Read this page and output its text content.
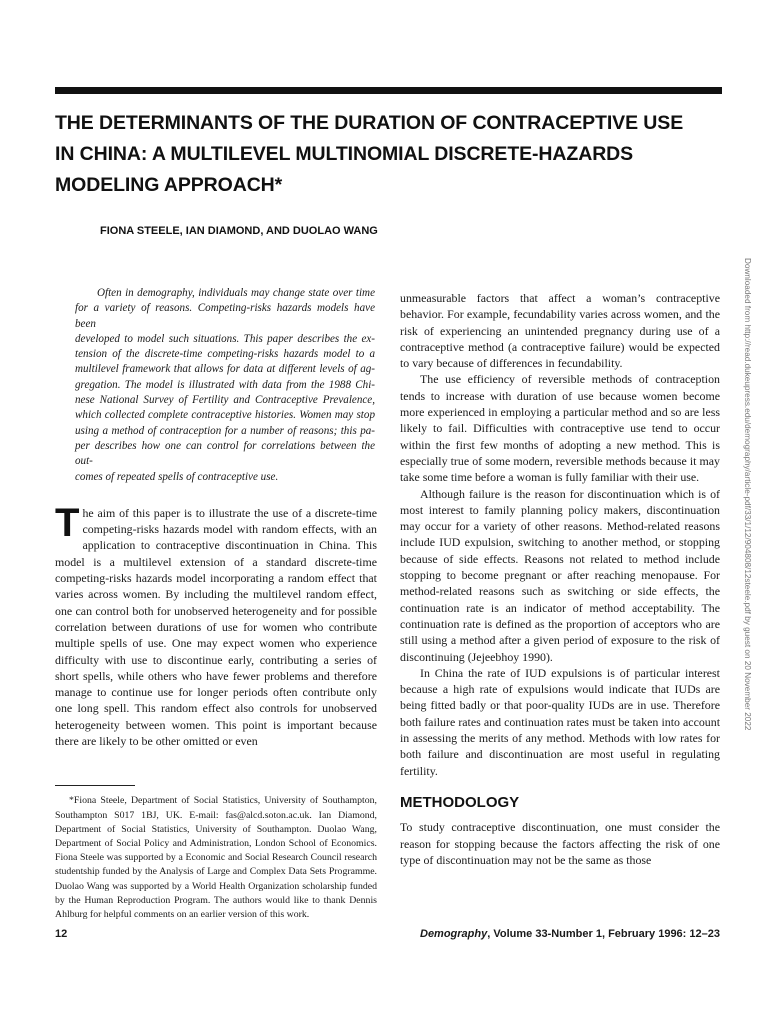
THE DETERMINANTS OF THE DURATION OF CONTRACEPTIVE USE
IN CHINA: A MULTILEVEL MULTINOMIAL DISCRETE-HAZARDS
MODELING APPROACH*
FIONA STEELE, IAN DIAMOND, AND DUOLAO WANG

Often in demography, individuals may change state over time
for a variety of reasons. Competing-risks hazards models have been
developed to model such situations. This paper describes the ex-
tension of the discrete-time competing-risks hazards model to a
multilevel framework that allows for data at different levels of ag-
gregation. The model is illustrated with data from the 1988 Chi-
nese National Survey of Fertility and Contraceptive Prevalence,
which collected complete contraceptive histories. Women may stop
using a method of contraception for a number of reasons; this pa-
per describes how one can control for correlations between the out-
comes of repeated spells of contraceptive use.

The aim of this paper is to illustrate the use of a discrete-time competing-risks hazards model with random effects, with an application to contraceptive discontinuation in China. This model is a multilevel extension of a standard discrete-time competing-risks hazards model incorporating a random effect that varies across women. By including the multilevel random effect, one can control both for unobserved heterogeneity and for possible correlation between durations of use for women who contribute multiple spells of use. One may expect women who experience difficulty with use to discontinue early, contributing a series of short spells, while others who have fewer problems and therefore manage to continue use for longer periods often contribute only one long spell. This random effect also controls for unobserved heterogeneity between women. This point is important because there are likely to be other omitted or even

*Fiona Steele, Department of Social Statistics, University of Southampton, Southampton S017 1BJ, UK. E-mail: fas@alcd.soton.ac.uk. Ian Diamond, Department of Social Statistics, University of Southampton. Duolao Wang, Department of Social Policy and Administration, London School of Economics. Fiona Steele was supported by a Economic and Social Research Council research studentship funded by the Analysis of Large and Complex Data Sets Programme. Duolao Wang was supported by a World Health Organization scholarship funded by the Human Reproduction Program. The authors would like to thank Dennis Ahlburg for helpful comments on an earlier version of this work.

unmeasurable factors that affect a woman’s contraceptive behavior. For example, fecundability varies across women, and the risk of experiencing an unintended pregnancy during use of a contraceptive method (a contraceptive failure) would be expected to vary because of differences in fecundability.

The use efficiency of reversible methods of contraception tends to increase with duration of use because women become more experienced in employing a particular method and so are less likely to fail. Difficulties with contraceptive use tend to occur within the first few months of adopting a new method. This is especially true of some modern, reversible methods because it may take some time before a woman is fully familiar with their use.

Although failure is the reason for discontinuation which is of most interest to family planning policy makers, discontinuation may occur for a variety of other reasons. Method-related reasons include IUD expulsion, switching to another method, or stopping because of side effects. Reasons not related to method include stopping to become pregnant or after reaching menopause. For method-related reasons such as switching or side effects, the continuation rate is an indicator of method acceptability. The continuation rate is defined as the proportion of acceptors who are still using a method after a given period of exposure to the risk of discontinuing (Jejeebhoy 1990).

In China the rate of IUD expulsions is of particular interest because a high rate of expulsions would indicate that IUDs are being fitted badly or that poor-quality IUDs are in use. Therefore both failure rates and continuation rates must be taken into account in assessing the merits of any method. Methods with low rates for both failure and discontinuation are most useful in regulating fertility.

METHODOLOGY

To study contraceptive discontinuation, one must consider the reason for stopping because the factors affecting the risk of one type of discontinuation may not be the same as those

12	Demography, Volume 33-Number 1, February 1996: 12–23
Downloaded from http://read.dukeupress.edu/demography/article-pdf/33/1/12/904808/12steele.pdf by guest on 20 November 2022
